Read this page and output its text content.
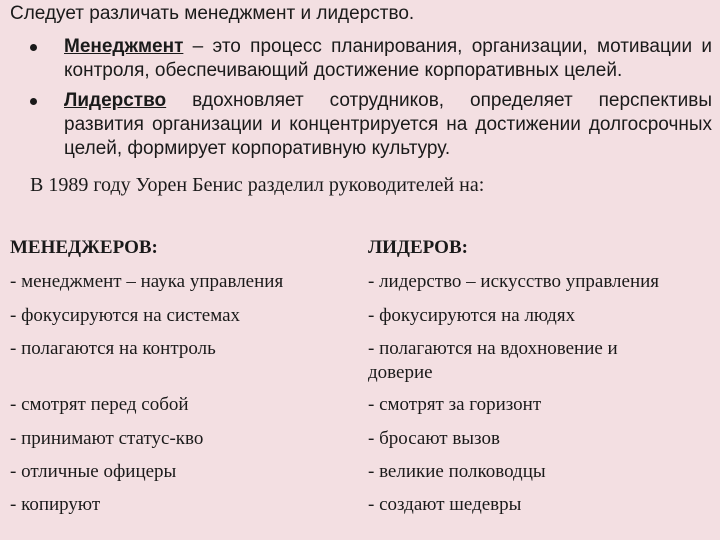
Следует различать менеджмент и лидерство.
Менеджмент – это процесс планирования, организации, мотивации и контроля, обеспечивающий достижение корпоративных целей.
Лидерство вдохновляет сотрудников, определяет перспективы развития организации и концентрируется на достижении долгосрочных целей, формирует корпоративную культуру.
В 1989 году Уорен Бенис разделил руководителей на:
МЕНЕДЖЕРОВ:
- менеджмент – наука управления
- фокусируются на системах
- полагаются на контроль
- смотрят перед собой
- принимают статус-кво
- отличные офицеры
- копируют
ЛИДЕРОВ:
- лидерство – искусство управления
- фокусируются на людях
- полагаются на вдохновение и доверие
- смотрят за горизонт
- бросают вызов
- великие полководцы
- создают шедевры
